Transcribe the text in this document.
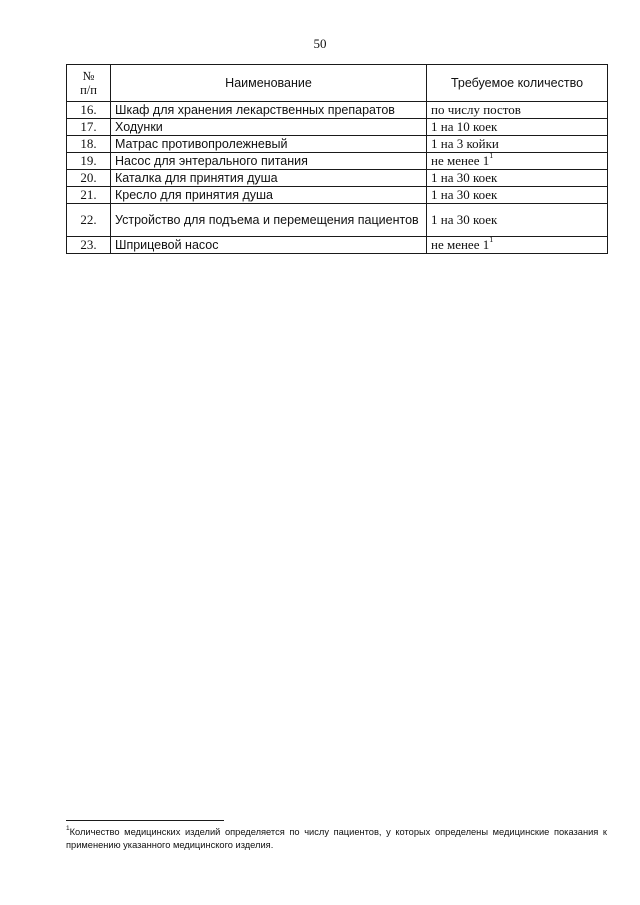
50
№
п/п	Наименование	Требуемое количество
16.	Шкаф для хранения лекарственных препаратов	по числу постов
17.	Ходунки	1 на 10 коек
18.	Матрас противопролежневый	1 на 3 койки
19.	Насос для энтерального питания	не менее 1$^1$
20.	Каталка для принятия душа	1 на 30 коек
21.	Кресло для принятия душа	1 на 30 коек
22.	Устройство для подъема и перемещения пациентов	1 на 30 коек
23.	Шприцевой насос	не менее 1$^1$
$^1$Количество медицинских изделий определяется по числу пациентов, у которых определены медицинские показания к применению указанного медицинского изделия.
